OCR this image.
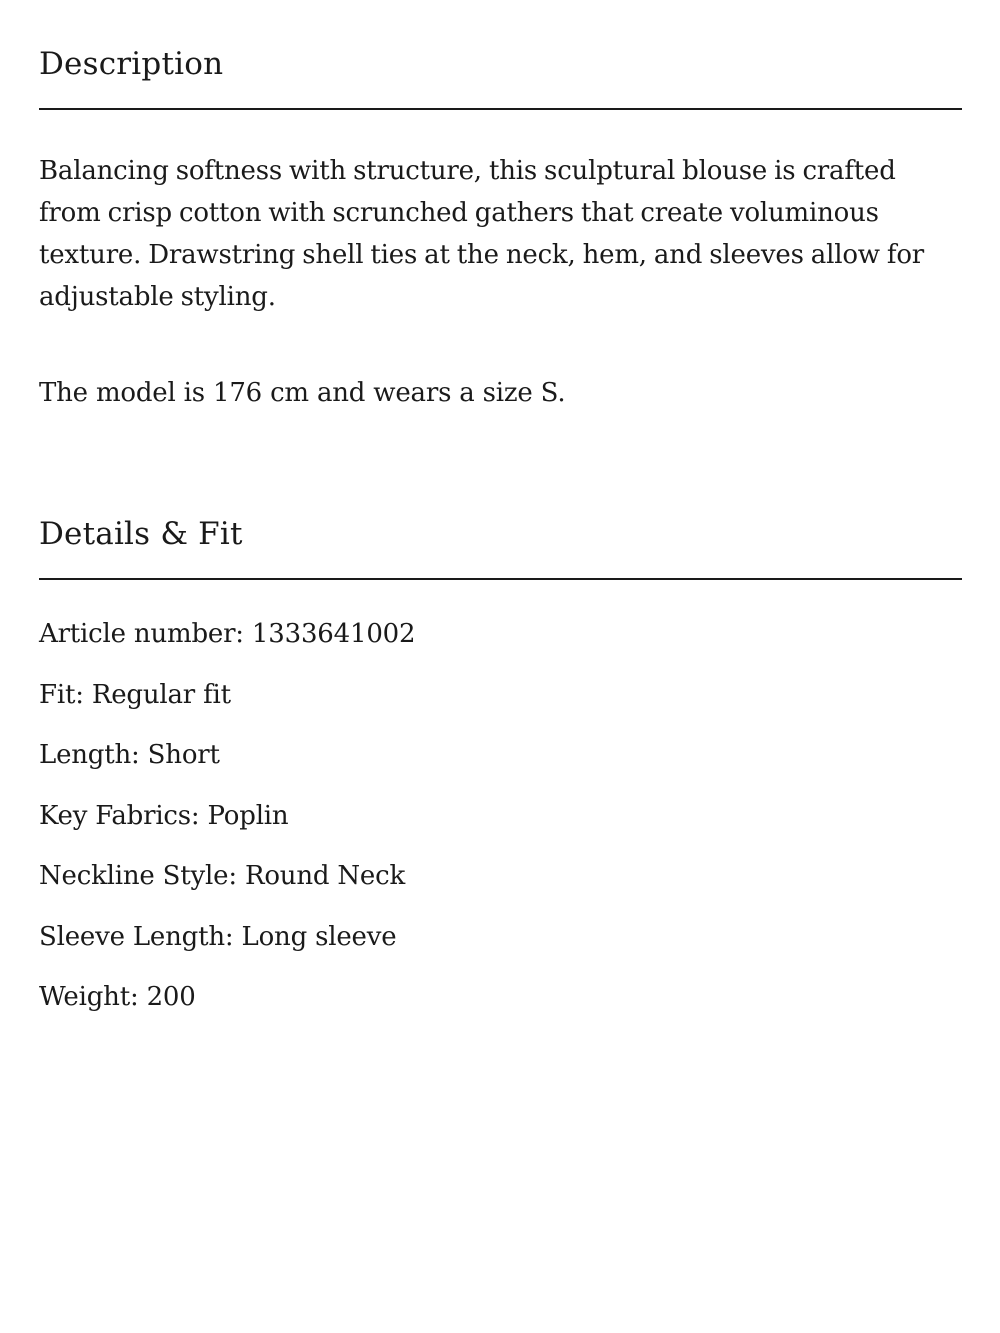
Description

Balancing softness with structure, this sculptural blouse is crafted from crisp cotton with scrunched gathers that create voluminous texture. Drawstring shell ties at the neck, hem, and sleeves allow for adjustable styling.

The model is 176 cm and wears a size S.

Details & Fit
Article number: 1333641002
Fit: Regular fit
Length: Short
Key Fabrics: Poplin
Neckline Style: Round Neck
Sleeve Length: Long sleeve
Weight: 200
